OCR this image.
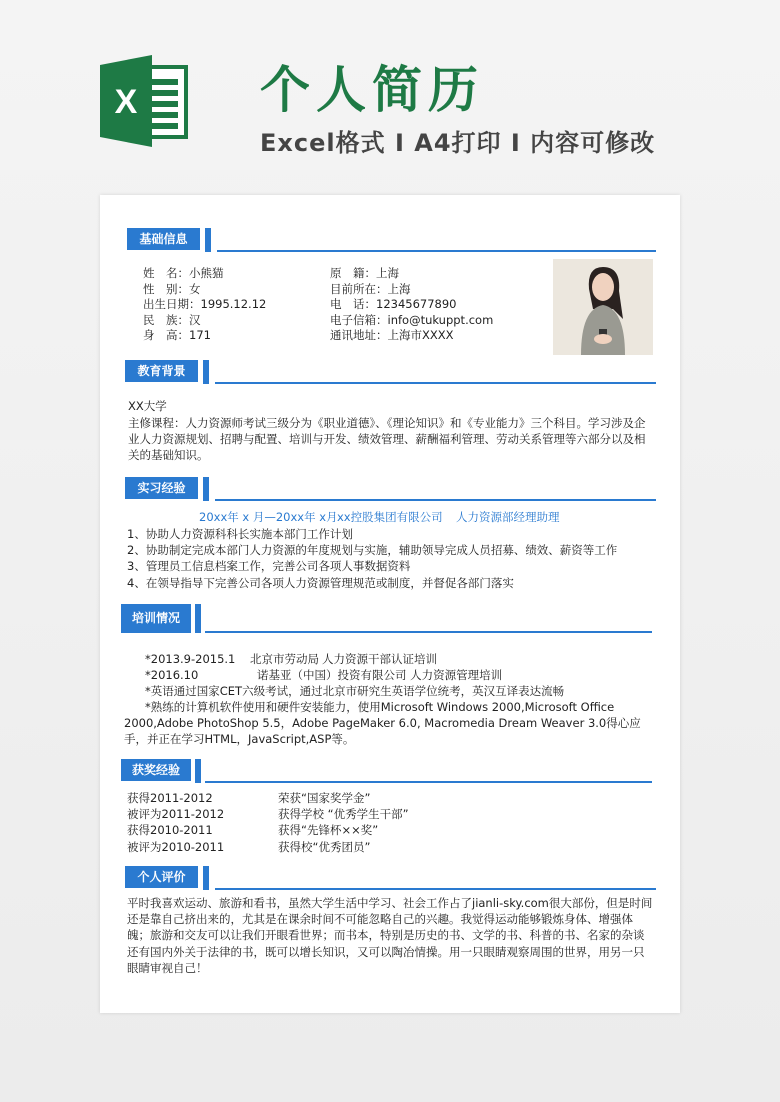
X 个人简历
Excel格式 I A4打印 I 内容可修改
基础信息
姓　名：小熊猫
性　别：女
出生日期：1995.12.12
民　族：汉
身　高：171
原　籍：上海
目前所在：上海
电　话：12345677890
电子信箱：info@tukuppt.com
通讯地址：上海市XXXX
教育背景
XX大学
主修课程：人力资源师考试三级分为《职业道德》、《理论知识》和《专业能力》三个科目。学习涉及企业人力资源规划、招聘与配置、培训与开发、绩效管理、薪酬福利管理、劳动关系管理等六部分以及相关的基础知识。
实习经验
20xx年 x 月—20xx年 x月 xx控股集团有限公司 人力资源部经理助理
1、协助人力资源科科长实施本部门工作计划
2、协助制定完成本部门人力资源的年度规划与实施，辅助领导完成人员招募、绩效、薪资等工作
3、管理员工信息档案工作，完善公司各项人事数据资料
4、在领导指导下完善公司各项人力资源管理规范或制度，并督促各部门落实
培训情况
*2013.9-2015.1 北京市劳动局 人力资源干部认证培训
*2016.10	诺基亚（中国）投资有限公司 人力资源管理培训
*英语通过国家CET六级考试，通过北京市研究生英语学位统考，英汉互译表达流畅
*熟练的计算机软件使用和硬件安装能力，使用Microsoft Windows 2000,Microsoft Office 2000,Adobe PhotoShop 5.5，Adobe PageMaker 6.0, Macromedia Dream Weaver 3.0得心应手，并正在学习HTML，JavaScript,ASP等。
获奖经验
获得2011-2012	荣获“国家奖学金”
被评为2011-2012	获得学校 “优秀学生干部”
获得2010-2011	获得“先锋杯××奖”
被评为2010-2011	获得校“优秀团员”
个人评价
平时我喜欢运动、旅游和看书，虽然大学生活中学习、社会工作占了jianli-sky.com很大部份，但是时间还是靠自己挤出来的，尤其是在课余时间不可能忽略自己的兴趣。我觉得运动能够锻炼身体、增强体魄；旅游和交友可以让我们开眼看世界；而书本，特别是历史的书、文学的书、科普的书、名家的杂谈还有国内外关于法律的书，既可以增长知识，又可以陶冶情操。用一只眼睛观察周围的世界，用另一只眼睛审视自己！
